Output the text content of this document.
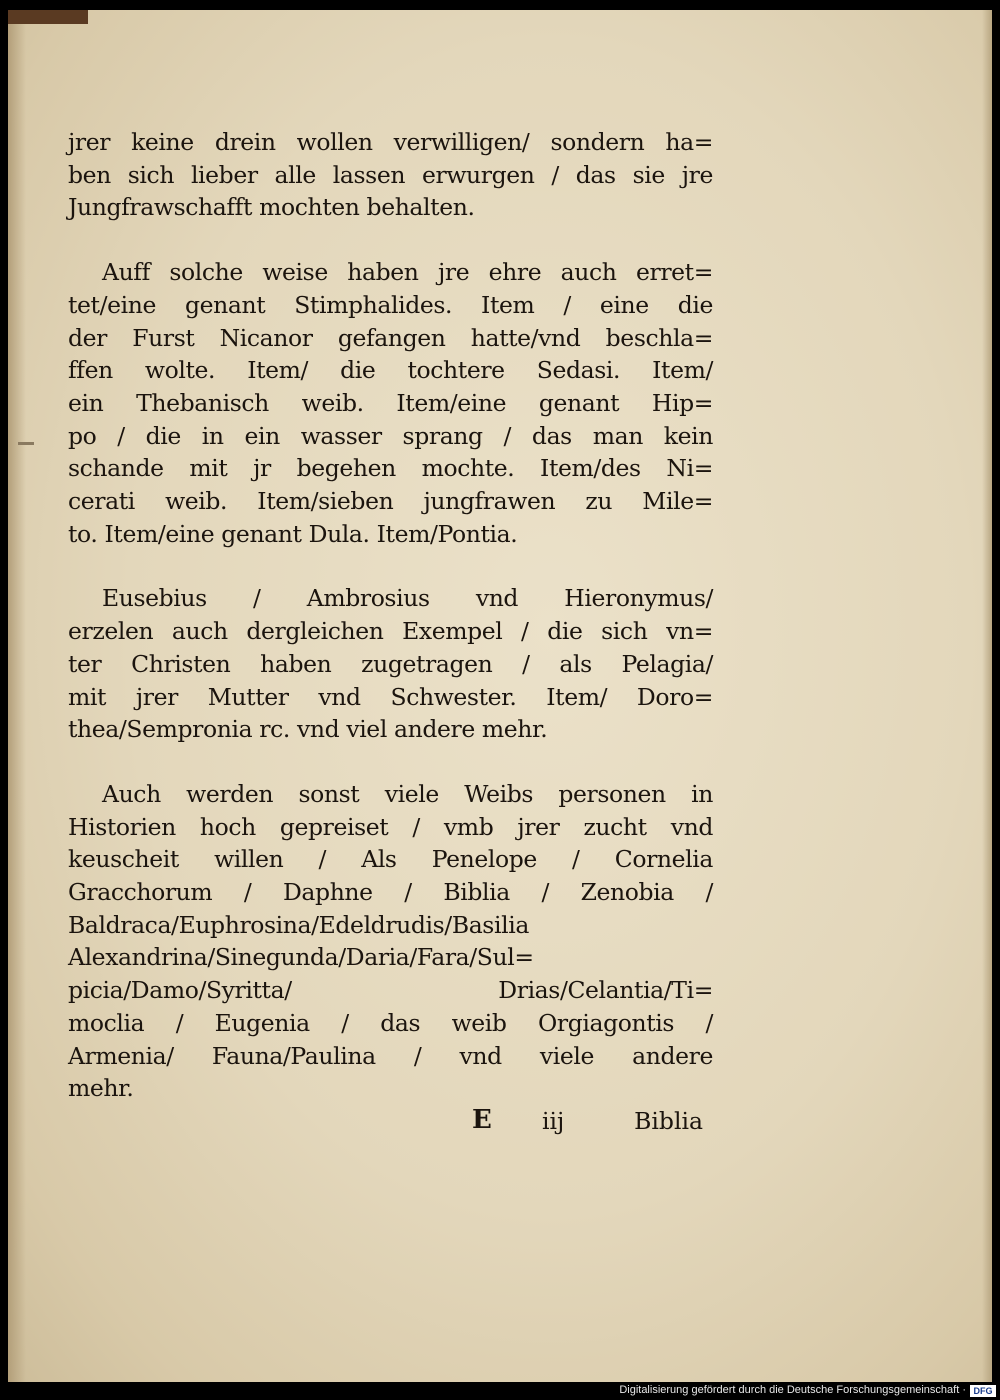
jrer keine drein wollen verwilligen/ sondern ha=
ben sich lieber alle lassen erwurgen / das sie jre
Jungfrawschafft mochten behalten.

Auff solche weise haben jre ehre auch erret=
tet/eine genant Stimphalides. Item / eine die
der Furst Nicanor gefangen hatte/vnd beschla=
ffen wolte. Item/ die tochtere Sedasi. Item/
ein Thebanisch weib. Item/eine genant Hip=
po / die in ein wasser sprang / das man kein
schande mit jr begehen mochte. Item/des Ni=
cerati weib. Item/sieben jungfrawen zu Mile=
to. Item/eine genant Dula. Item/Pontia.

Eusebius / Ambrosius vnd Hieronymus/
erzelen auch dergleichen Exempel / die sich vn=
ter Christen haben zugetragen / als Pelagia/
mit jrer Mutter vnd Schwester. Item/ Doro=
thea/Sempronia rc. vnd viel andere mehr.

Auch werden sonst viele Weibs personen in
Historien hoch gepreiset / vmb jrer zucht vnd
keuscheit willen / Als Penelope / Cornelia
Gracchorum / Daphne / Biblia / Zenobia /
Baldraca/Euphrosina/Edeldrudis/Basilia
Alexandrina/Sinegunda/Daria/Fara/Sul=
picia/Damo/Syritta/ Drias/Celantia/Ti=
moclia / Eugenia / das weib Orgiagontis /
Armenia/ Fauna/Paulina / vnd viele andere
mehr.

E iij	Biblia
Digitalisierung gefördert durch die Deutsche Forschungsgemeinschaft · DFG
